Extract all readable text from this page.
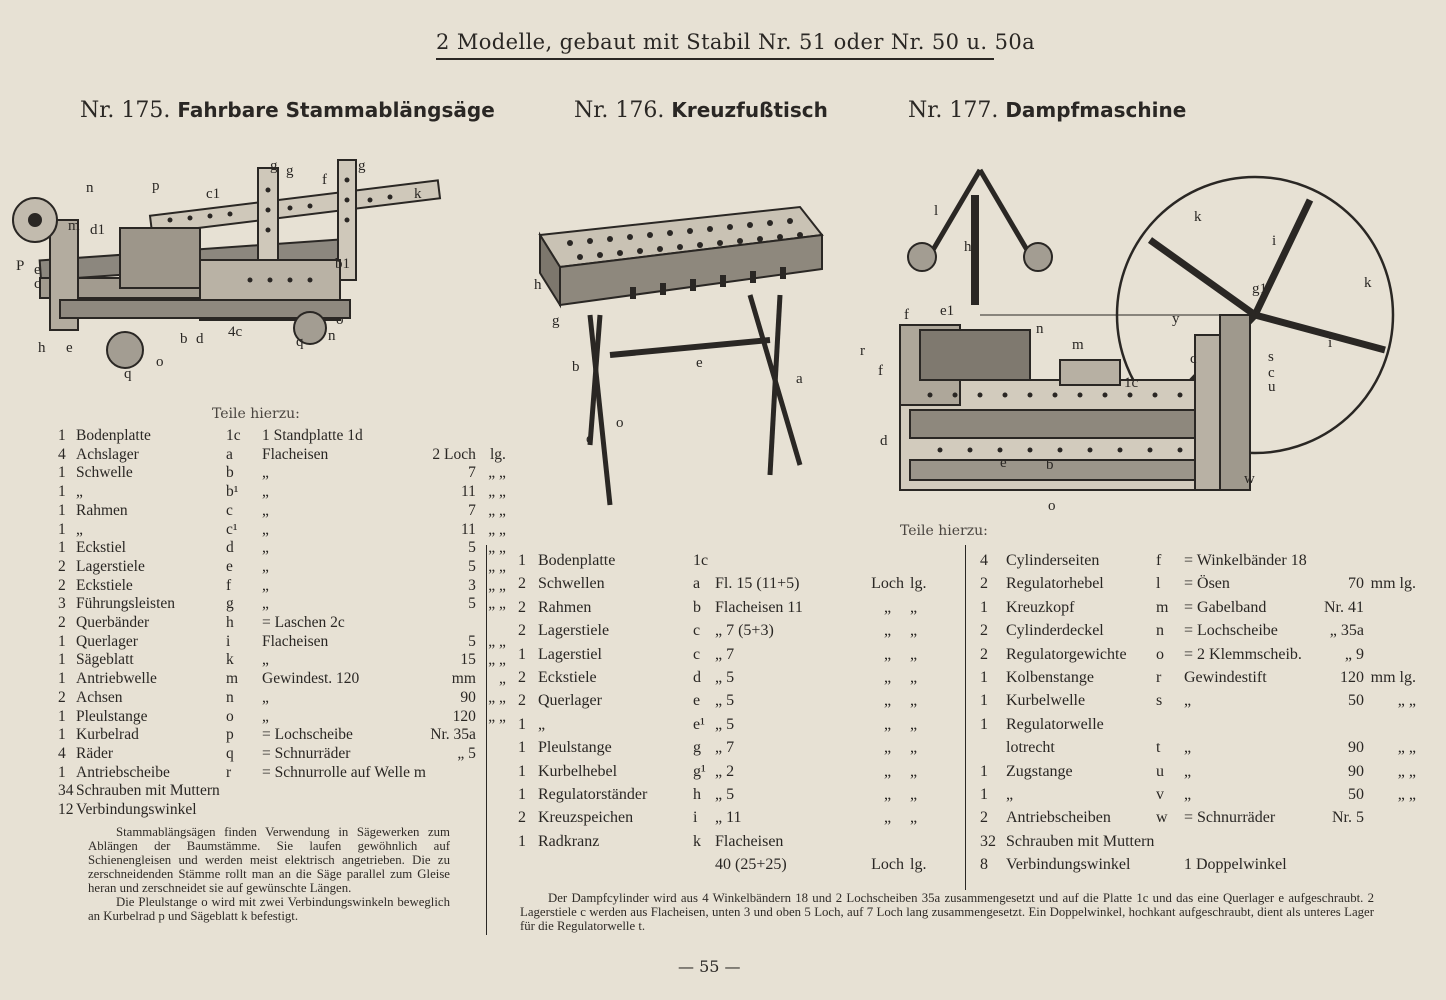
2 Modelle, gebaut mit Stabil Nr. 51 oder Nr. 50 u. 50a
Nr. 175. Fahrbare Stammablängsäge	Nr. 176. Kreuzfußtisch	Nr. 177. Dampfmaschine
n	p	c1
g g
f
g
k
m d1
P e
c
b1
o
h e
b d 4c
q n
q
o
h
g
b	e
a
o
c
l
h
k
i
k
g1
y
f e1
n
m	i
r
f
1c
c	s
c
u
d
e	b
w
o
Teile hierzu:
Teile hierzu:
1	Bodenplatte	1c	1 Standplatte 1d		
4	Achslager	a	Flacheisen	2 Loch	lg.
1	Schwelle	b	„	7	„ „
1	„	b¹	„	11	„ „
1	Rahmen	c	„	7	„ „
1	„	c¹	„	11	„ „
1	Eckstiel	d	„	5	„ „
2	Lagerstiele	e	„	5	„ „
2	Eckstiele	f	„	3	„ „
3	Führungsleisten	g	„	5	„ „
2	Querbänder	h	= Laschen 2c		
1	Querlager	i	Flacheisen	5	„ „
1	Sägeblatt	k	„	15	„ „
1	Antriebwelle	m	Gewindest. 120	mm	„
2	Achsen	n	„	90	„ „
1	Pleulstange	o	„	120	„ „
1	Kurbelrad	p	= Lochscheibe	Nr. 35a	
4	Räder	q	= Schnurräder	„ 5	
1	Antriebscheibe	r	= Schnurrolle auf Welle m		
34	Schrauben mit Muttern				
12	Verbindungswinkel				

Stammablängsägen finden Verwendung in Sägewerken zum Ablängen der Baumstämme. Sie laufen gewöhnlich auf Schienengleisen und werden meist elektrisch angetrieben. Die zu zerschneidenden Stämme rollt man an die Säge parallel zum Gleise heran und zerschneidet sie auf gewünschte Längen.

Die Pleulstange o wird mit zwei Verbindungswinkeln beweglich an Kurbelrad p und Sägeblatt k befestigt.

1	Bodenplatte	1c			
2	Schwellen	a	Fl. 15 (11+5)	Loch	lg.
2	Rahmen	b	Flacheisen 11	„	„
2	Lagerstiele	c	„ 7 (5+3)	„	„
1	Lagerstiel	c	„ 7	„	„
2	Eckstiele	d	„ 5	„	„
2	Querlager	e	„ 5	„	„
1	„	e¹	„ 5	„	„
1	Pleulstange	g	„ 7	„	„
1	Kurbelhebel	g¹	„ 2	„	„
1	Regulatorständer	h	„ 5	„	„
2	Kreuzspeichen	i	„ 11	„	„
1	Radkranz	k	Flacheisen		
			40 (25+25)	Loch	lg.
4	Cylinderseiten	f	= Winkelbänder 18		
2	Regulatorhebel	l	= Ösen	70	mm lg.
1	Kreuzkopf	m	= Gabelband	Nr. 41	
2	Cylinderdeckel	n	= Lochscheibe	„ 35a	
2	Regulatorgewichte	o	= 2 Klemmscheib.	„ 9	
1	Kolbenstange	r	Gewindestift	120	mm lg.
1	Kurbelwelle	s	„	50	„ „
1	Regulatorwelle				
	lotrecht	t	„	90	„ „
1	Zugstange	u	„	90	„ „
1	„	v	„	50	„ „
2	Antriebscheiben	w	= Schnurräder	Nr. 5	
32	Schrauben mit Muttern				
8	Verbindungswinkel		1 Doppelwinkel		

Der Dampfcylinder wird aus 4 Winkelbändern 18 und 2 Lochscheiben 35a zusammengesetzt und auf die Platte 1c und das eine Querlager e aufgeschraubt. 2 Lagerstiele c werden aus Flacheisen, unten 3 und oben 5 Loch, auf 7 Loch lang zusammengesetzt. Ein Doppelwinkel, hochkant aufgeschraubt, dient als unteres Lager für die Regulatorwelle t.

— 55 —
